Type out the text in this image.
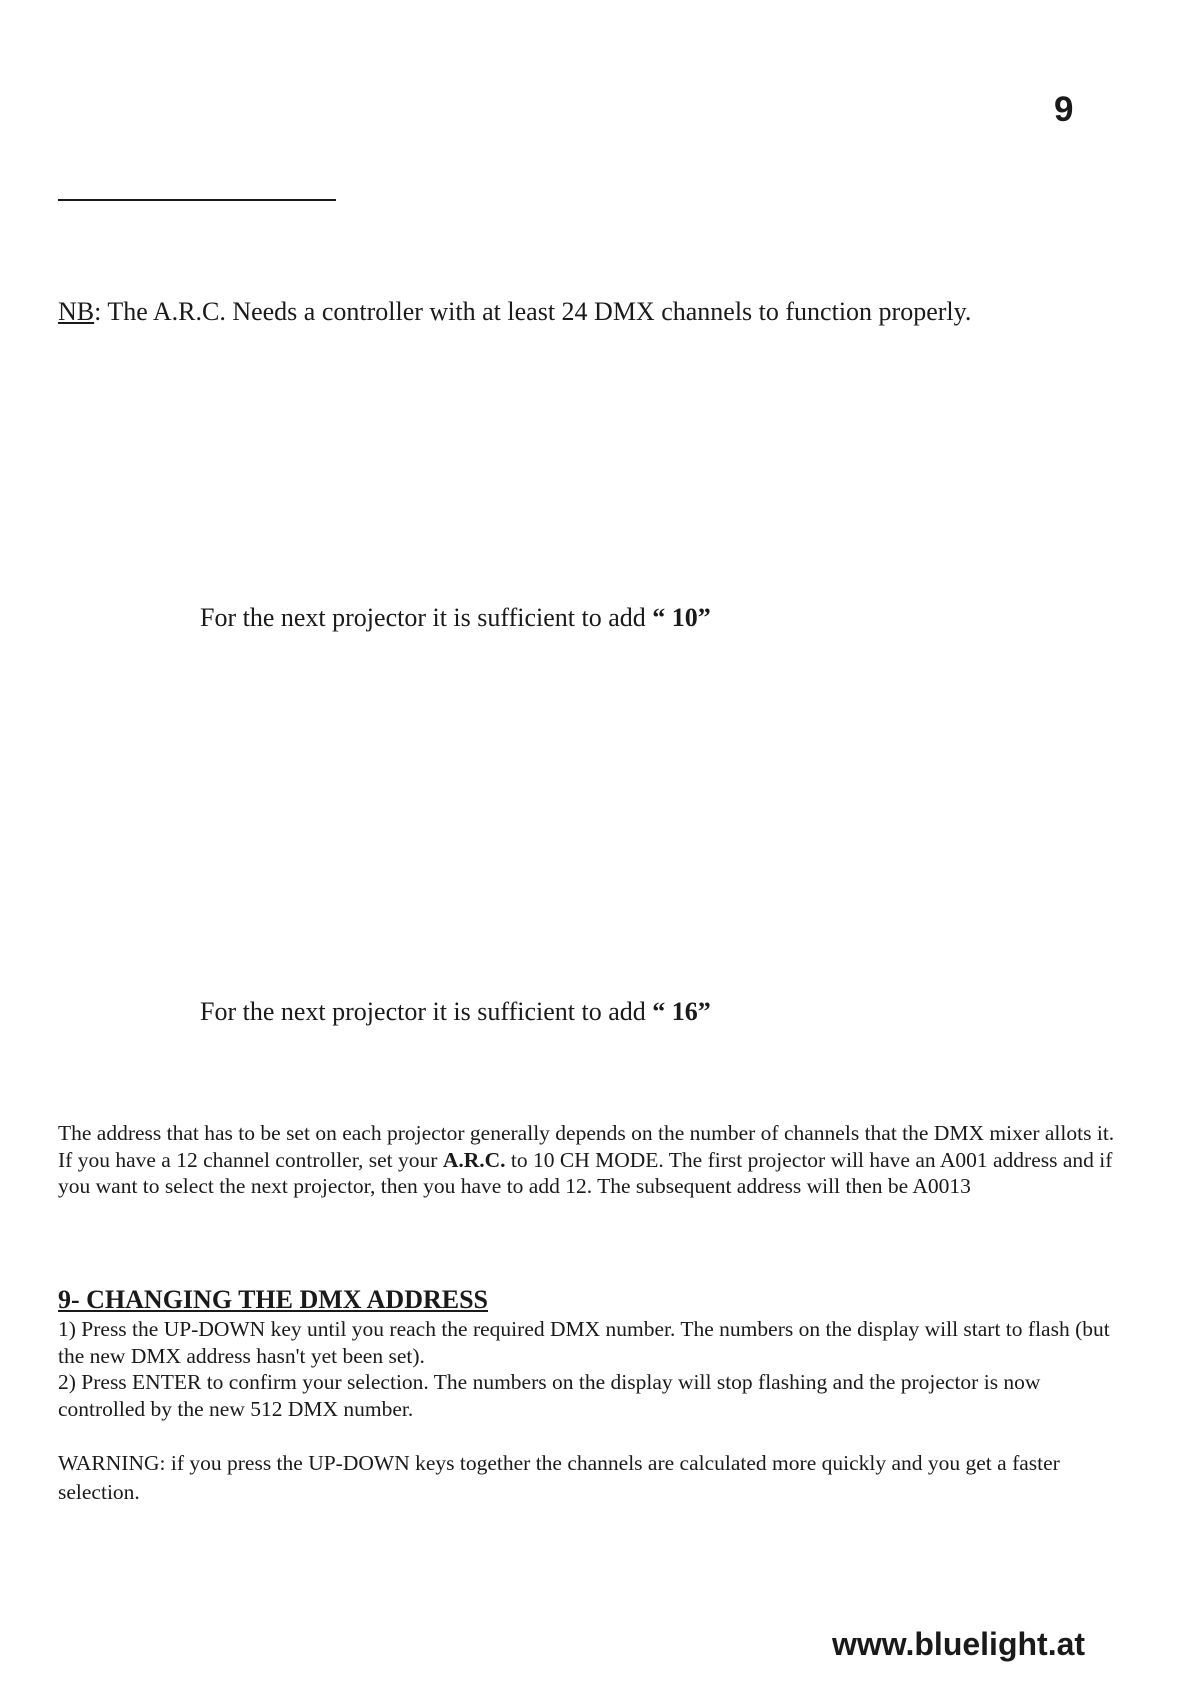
9
NB: The A.R.C. Needs a controller with at least 24 DMX channels to function properly.
For the next projector it is sufficient to add “ 10”
For the next projector it is sufficient to add “ 16”
The address that has to be set on each projector generally depends on the number of channels that the DMX mixer allots it.
If you have a 12 channel controller, set your A.R.C. to 10 CH MODE. The first projector will have an A001 address and if you want to select the next projector, then you have to add 12. The subsequent address will then be A0013
9- CHANGING THE DMX ADDRESS
1) Press the UP-DOWN key until you reach the required DMX number. The numbers on the display will start to flash (but the new DMX address hasn't yet been set).
2) Press ENTER to confirm your selection. The numbers on the display will stop flashing and the projector is now controlled by the new 512 DMX number.
WARNING: if you press the UP-DOWN keys together the channels are calculated more quickly and you get a faster selection.
www.bluelight.at
